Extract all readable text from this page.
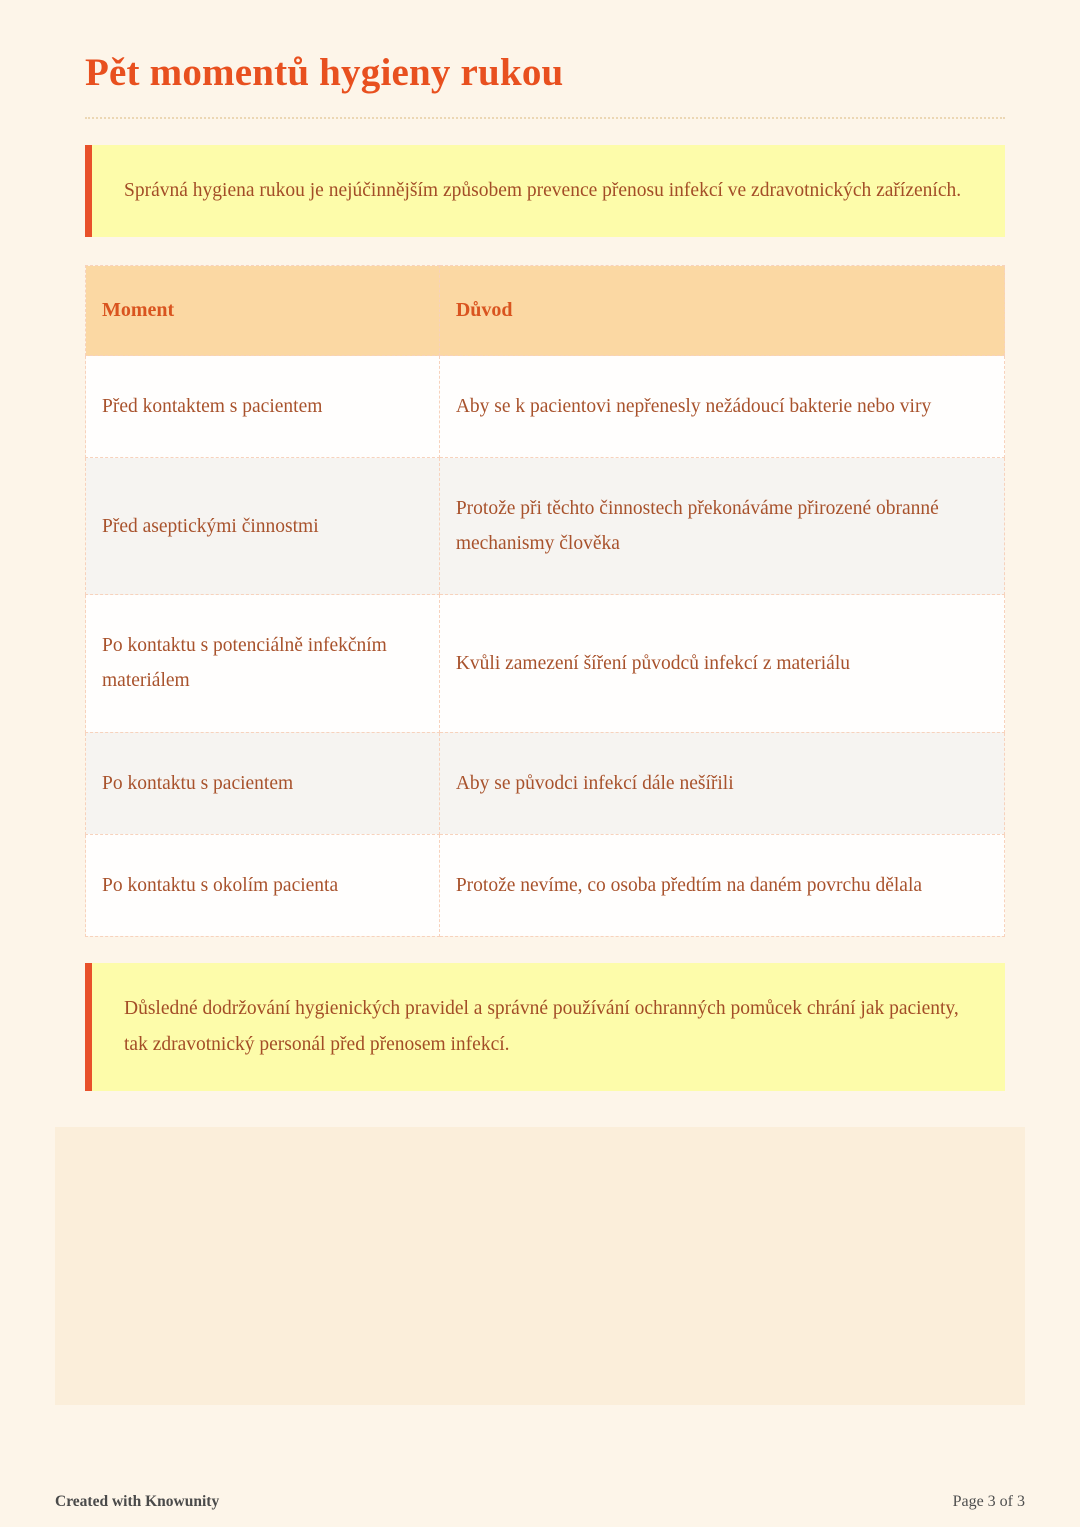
Pět momentů hygieny rukou

Správná hygiena rukou je nejúčinnějším způsobem prevence přenosu infekcí ve zdravotnických zařízeních.

Moment	Důvod
Před kontaktem s pacientem	Aby se k pacientovi nepřenesly nežádoucí bakterie nebo viry
Před aseptickými činnostmi	Protože při těchto činnostech překonáváme přirozené obranné mechanismy člověka
Po kontaktu s potenciálně infekčním materiálem	Kvůli zamezení šíření původců infekcí z materiálu
Po kontaktu s pacientem	Aby se původci infekcí dále nešířili
Po kontaktu s okolím pacienta	Protože nevíme, co osoba předtím na daném povrchu dělala

Důsledné dodržování hygienických pravidel a správné používání ochranných pomůcek chrání jak pacienty, tak zdravotnický personál před přenosem infekcí.

Created with Knowunity	Page 3 of 3
